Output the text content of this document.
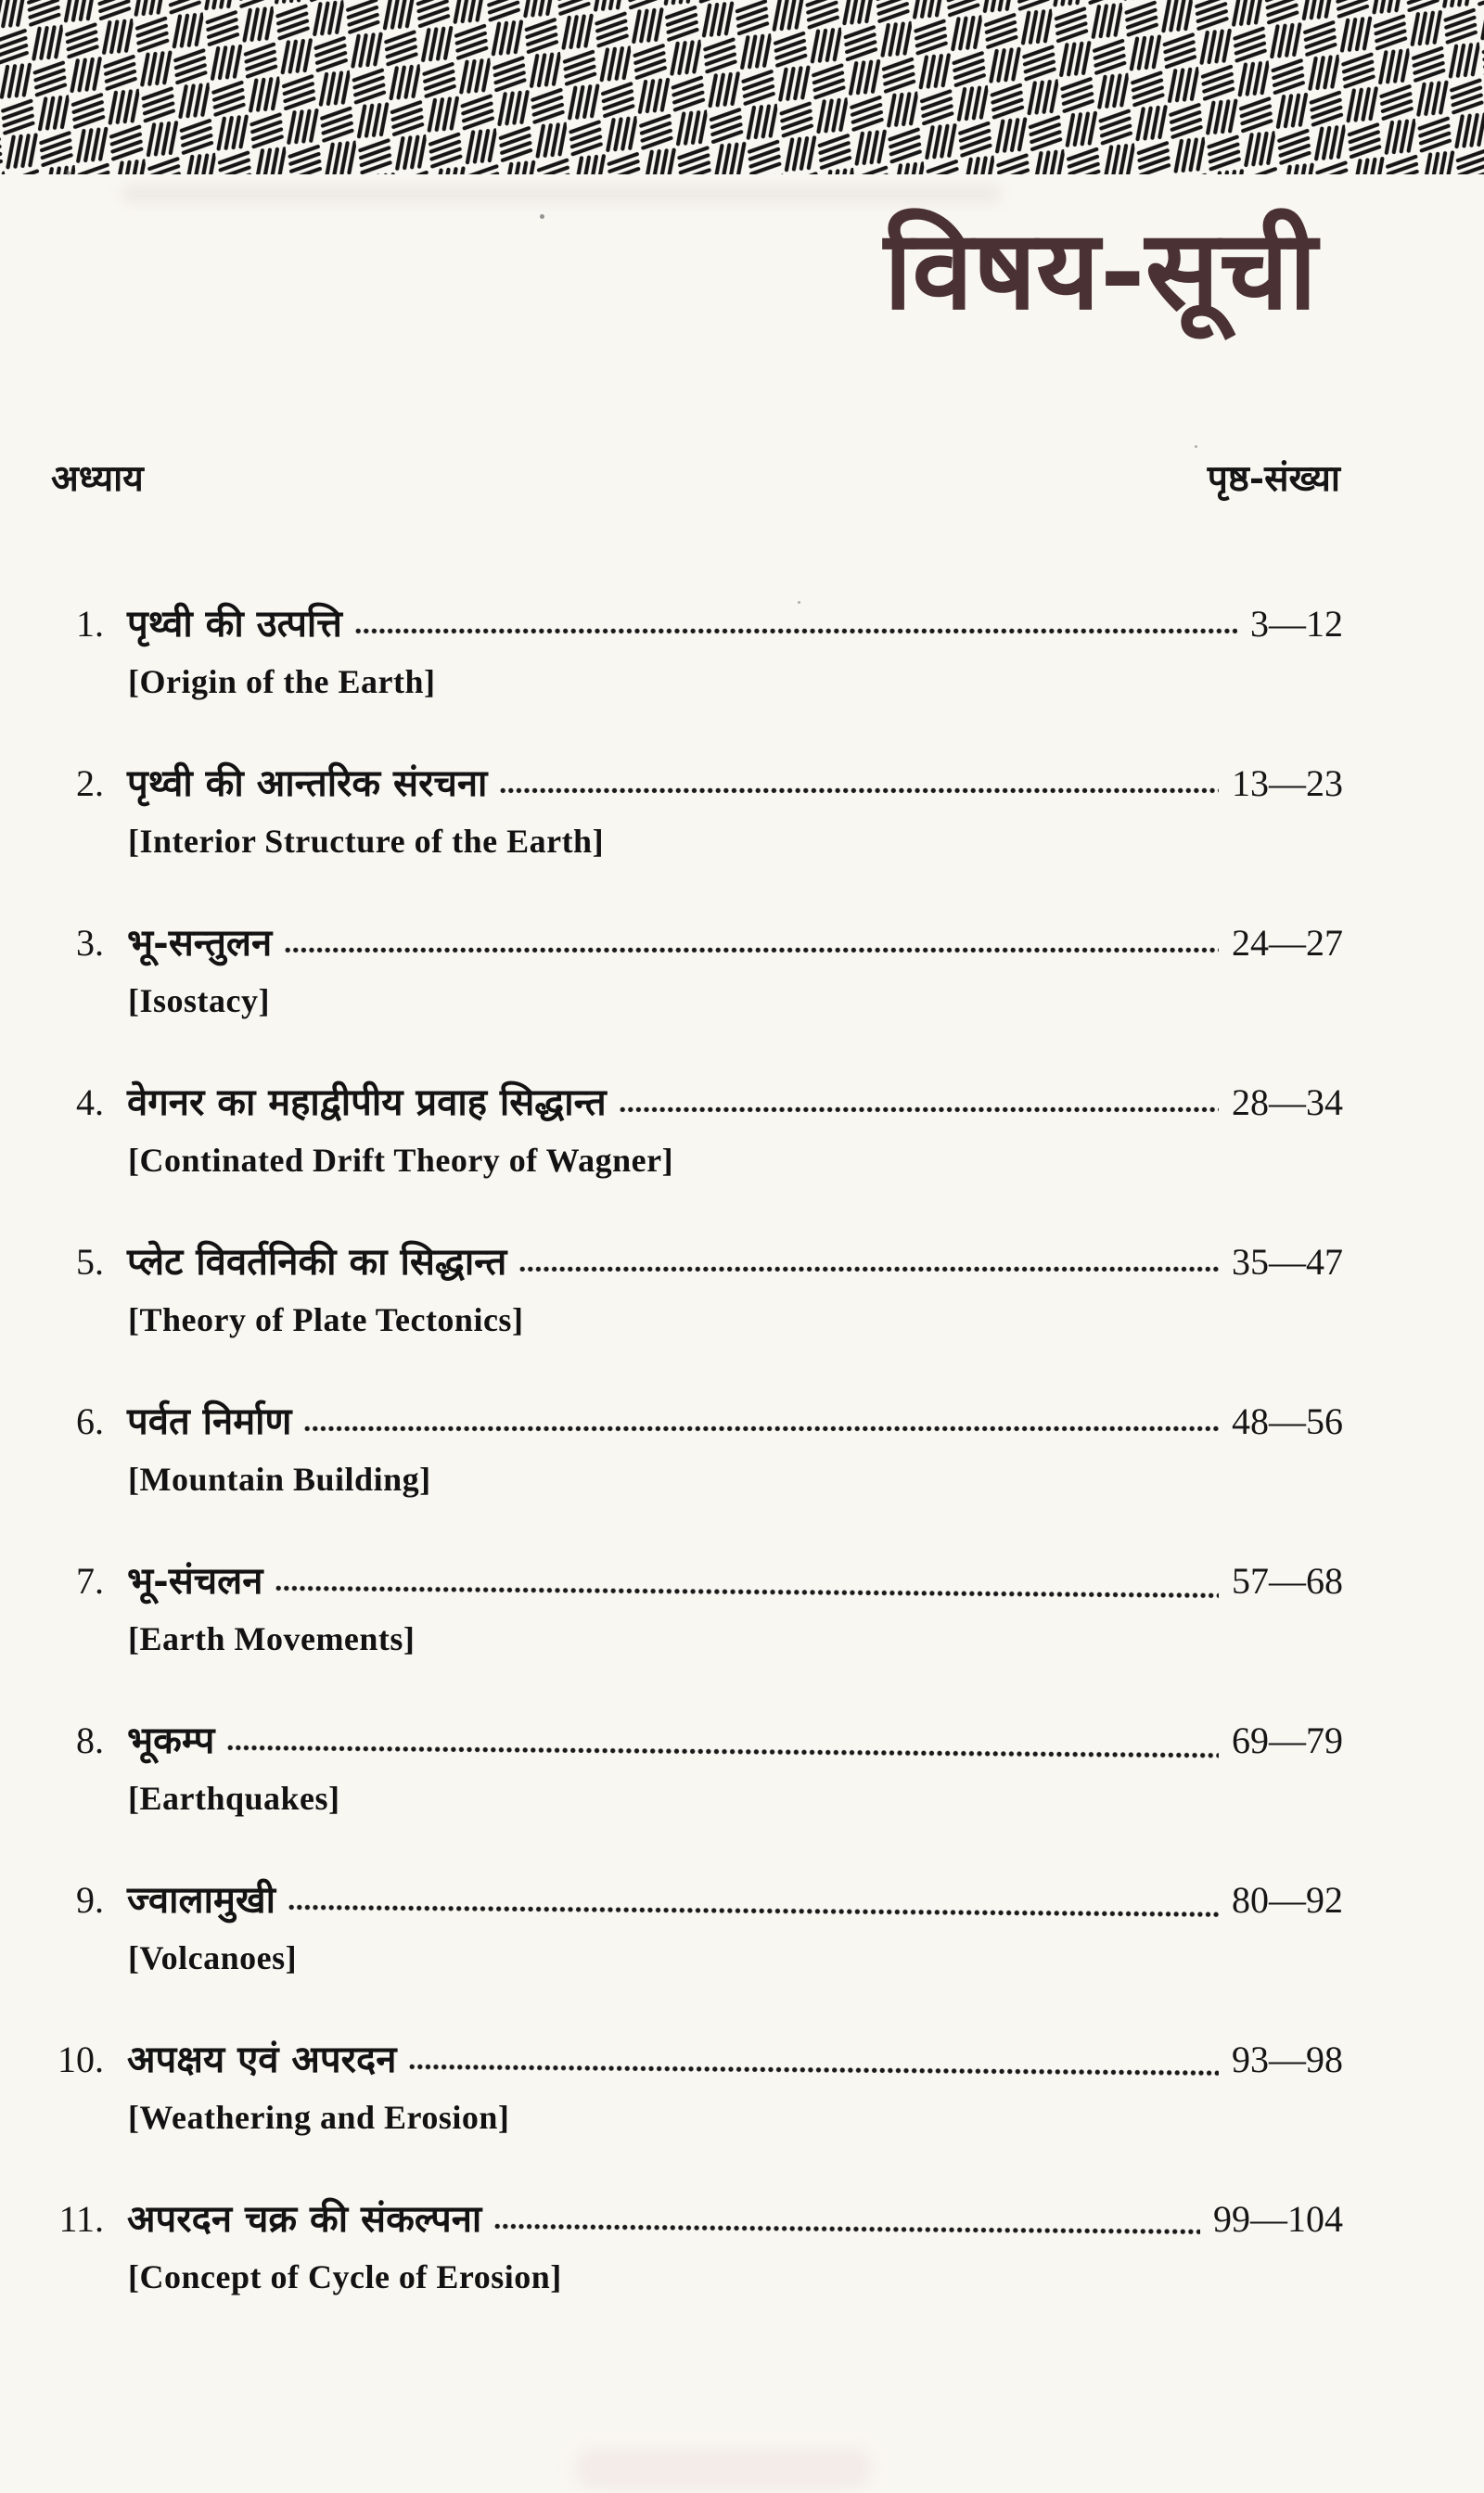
विषय-सूची
अध्याय	पृष्ठ-संख्या
1. पृथ्वी की उत्पत्ति	3—12
[Origin of the Earth]
2. पृथ्वी की आन्तरिक संरचना	13—23
[Interior Structure of the Earth]
3. भू-सन्तुलन	24—27
[Isostacy]
4. वेगनर का महाद्वीपीय प्रवाह सिद्धान्त	28—34
[Continated Drift Theory of Wagner]
5. प्लेट विवर्तनिकी का सिद्धान्त	35—47
[Theory of Plate Tectonics]
6. पर्वत निर्माण	48—56
[Mountain Building]
7. भू-संचलन	57—68
[Earth Movements]
8. भूकम्प	69—79
[Earthquakes]
9. ज्वालामुखी	80—92
[Volcanoes]
10. अपक्षय एवं अपरदन	93—98
[Weathering and Erosion]
11. अपरदन चक्र की संकल्पना	99—104
[Concept of Cycle of Erosion]
